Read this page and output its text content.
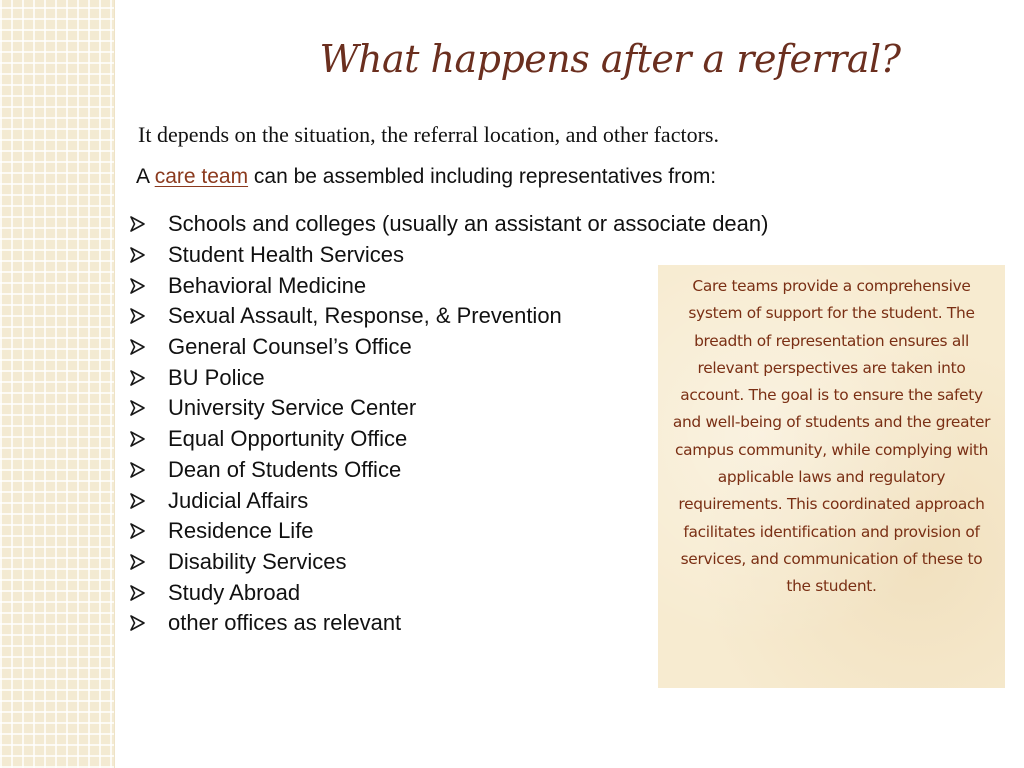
What happens after a referral?
It depends on the situation, the referral location, and other factors.
A care team can be assembled including representatives from:
Schools and colleges (usually an assistant or associate dean)
Student Health Services
Behavioral Medicine
Sexual Assault, Response, & Prevention
General Counsel’s Office
BU Police
University Service Center
Equal Opportunity Office
Dean of Students Office
Judicial Affairs
Residence Life
Disability Services
Study Abroad
other offices as relevant
Care teams provide a comprehensive system of support for the student. The breadth of representation ensures all relevant perspectives are taken into account. The goal is to ensure the safety and well-being of students and the greater campus community, while complying with applicable laws and regulatory requirements. This coordinated approach facilitates identification and provision of services, and communication of these to the student.
